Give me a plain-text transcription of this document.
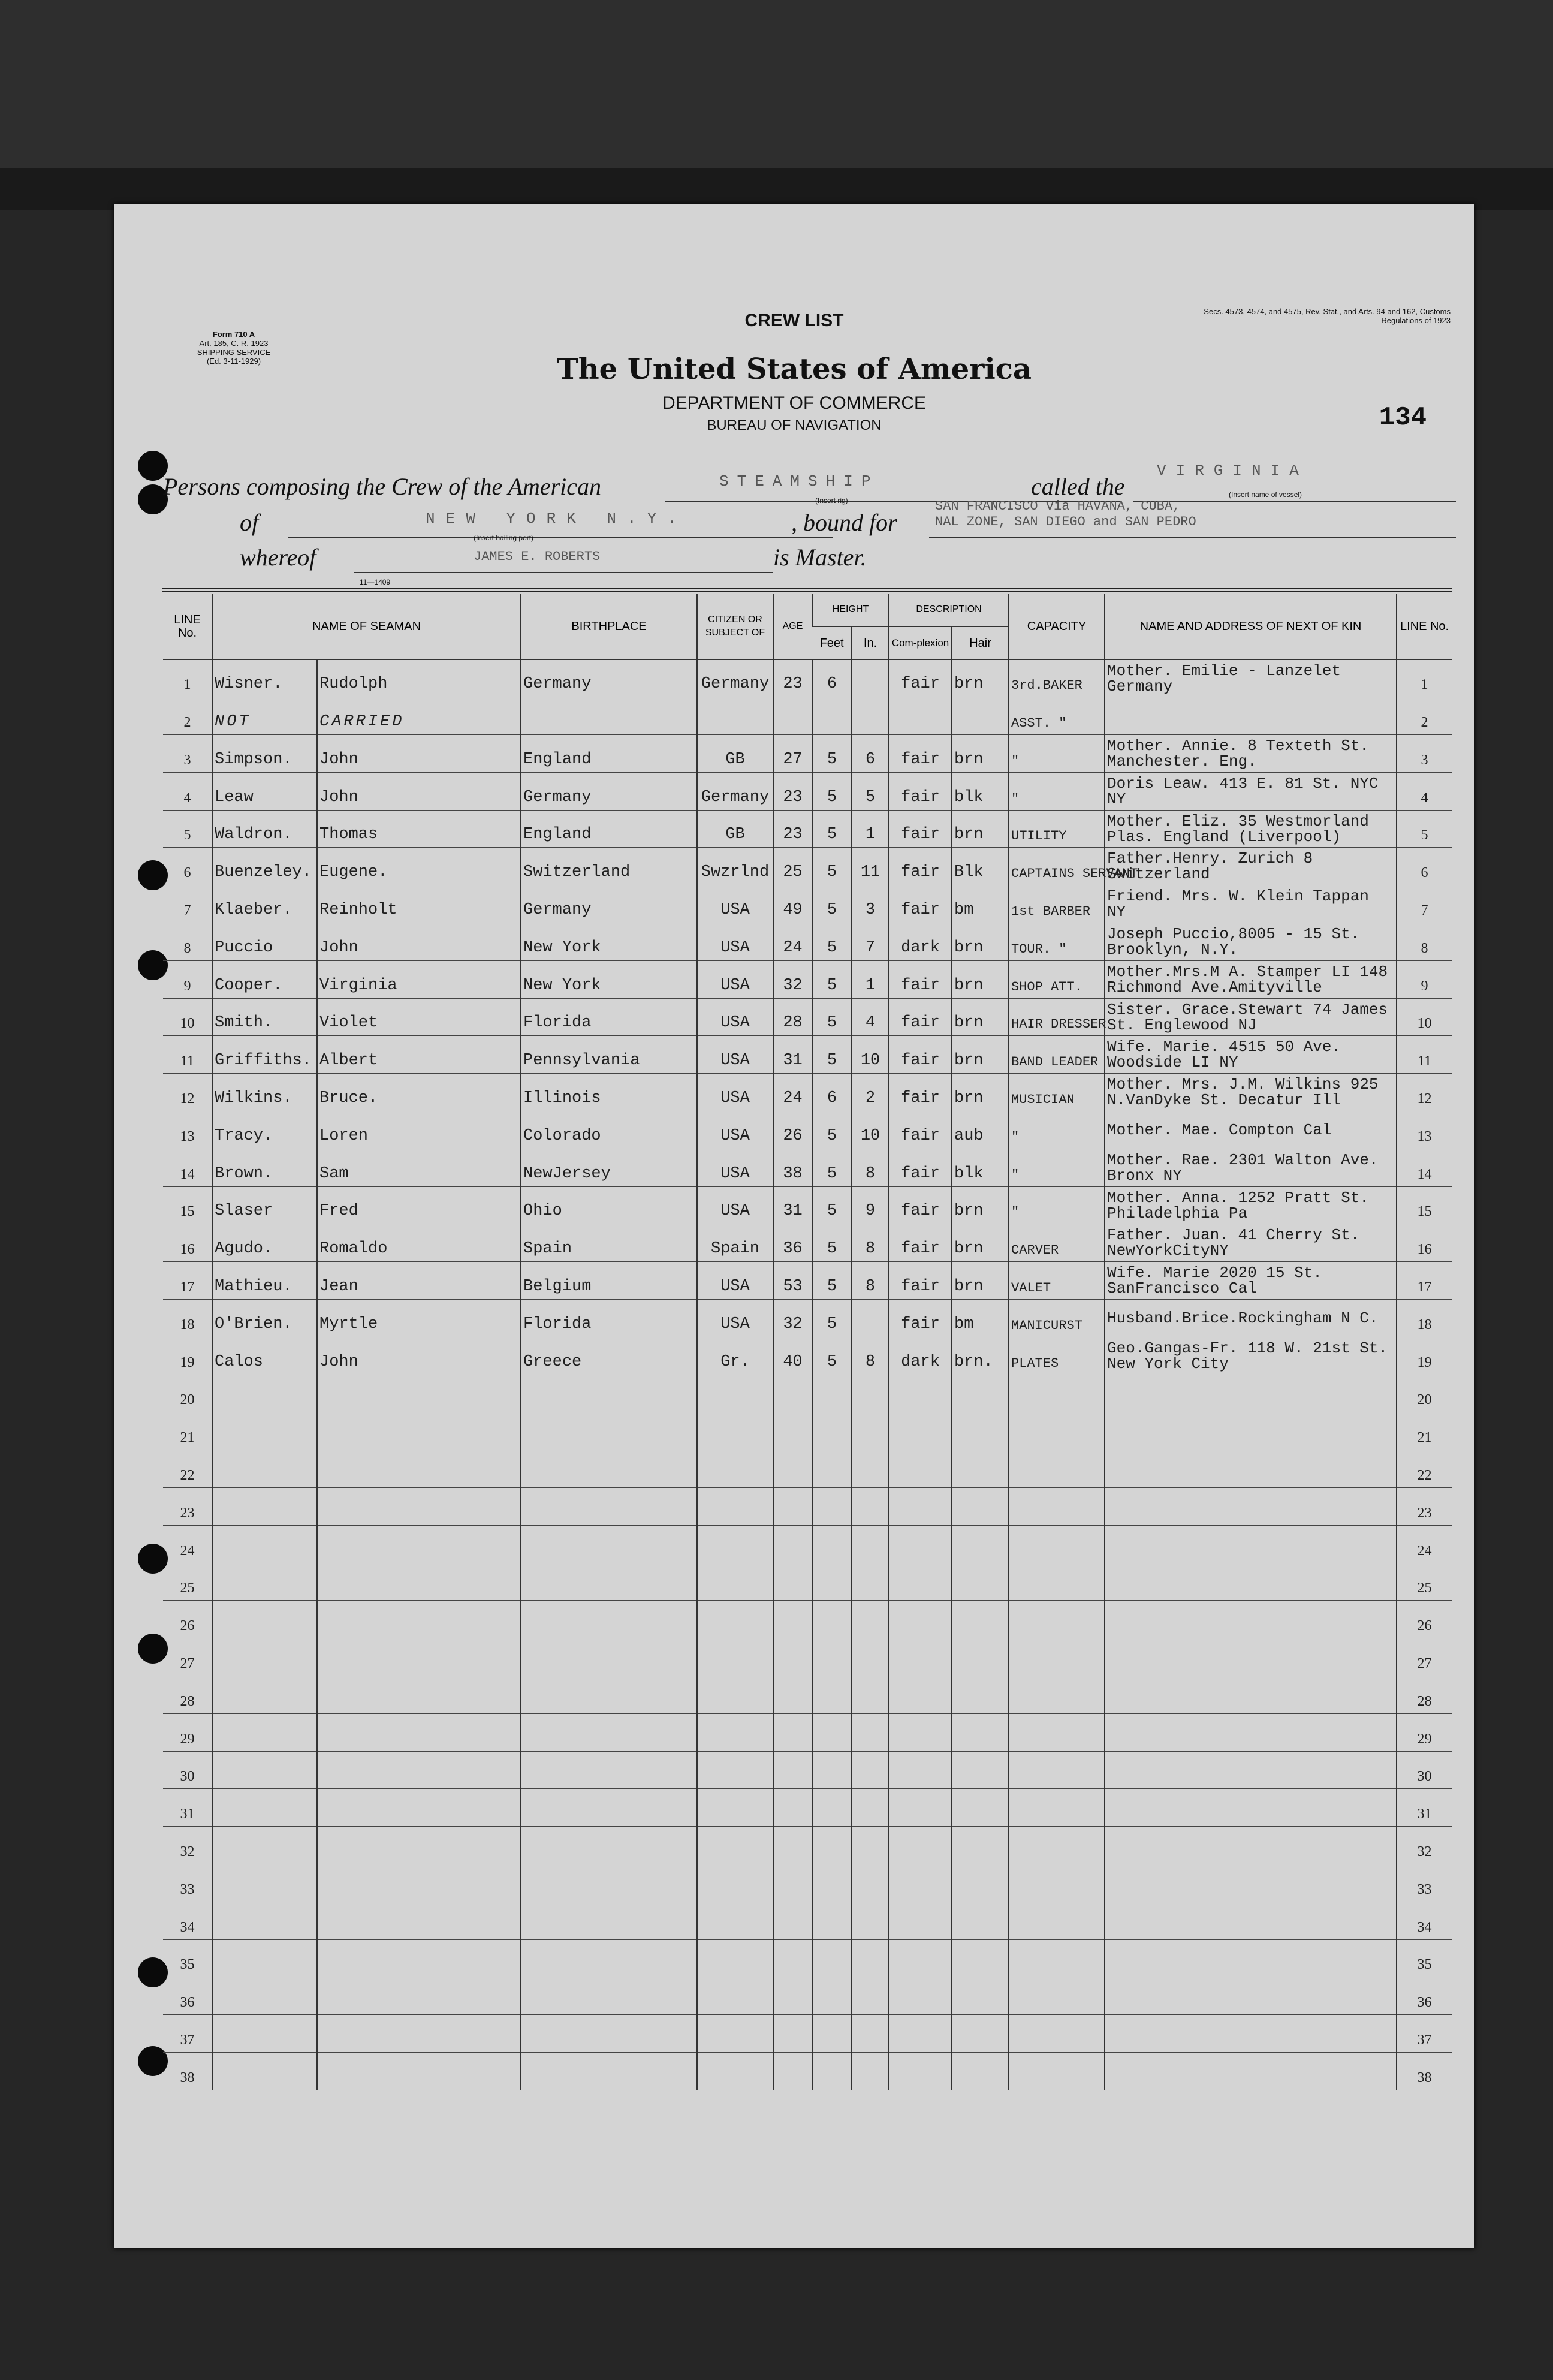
Form 710 A
Art. 185, C. R. 1923
SHIPPING SERVICE
(Ed. 3-11-1929)
Secs. 4573, 4574, and 4575, Rev. Stat., and Arts. 94 and 162, Customs Regulations of 1923
CREW LIST
The United States of America
DEPARTMENT OF COMMERCE
BUREAU OF NAVIGATION	134
Persons composing the Crew of the American	STEAMSHIP
(Insert rig)
called the
VIRGINIA
(Insert name of vessel)
of	NEW YORK N.Y.
(Insert hailing port)
, bound for
SAN FRANCISCO via HAVANA, CUBA,
NAL ZONE, SAN DIEGO and SAN PEDRO
whereof	JAMES E. ROBERTS	is Master.
11—1409
LINE No.	NAME OF SEAMAN		BIRTHPLACE	CITIZEN OR SUBJECT OF	AGE	HEIGHT		DESCRIPTION		CAPACITY	NAME AND ADDRESS OF NEXT OF KIN	LINE No.
						Feet	In.	Com-plexion	Hair			
1	Wisner.	Rudolph	Germany	Germany	23	6		fair	brn	3rd.BAKER	Mother. Emilie - Lanzelet Germany	1
2	NOT	CARRIED								ASST. "		2
3	Simpson.	John	England	GB	27	5	6	fair	brn	"	Mother. Annie. 8 Texteth St. Manchester. Eng.	3
4	Leaw	John	Germany	Germany	23	5	5	fair	blk	"	Doris Leaw. 413 E. 81 St. NYC NY	4
5	Waldron.	Thomas	England	GB	23	5	1	fair	brn	UTILITY	Mother. Eliz. 35 Westmorland Plas. England (Liverpool)	5
6	Buenzeley.	Eugene.	Switzerland	Swzrlnd	25	5	11	fair	Blk	CAPTAINS SERVANT	Father.Henry. Zurich 8 Switzerland	6
7	Klaeber.	Reinholt	Germany	USA	49	5	3	fair	bm	1st BARBER	Friend. Mrs. W. Klein Tappan NY	7
8	Puccio	John	New York	USA	24	5	7	dark	brn	TOUR. "	Joseph Puccio,8005 - 15 St. Brooklyn, N.Y.	8
9	Cooper.	Virginia	New York	USA	32	5	1	fair	brn	SHOP ATT.	Mother.Mrs.M A. Stamper LI 148 Richmond Ave.Amityville	9
10	Smith.	Violet	Florida	USA	28	5	4	fair	brn	HAIR DRESSER	Sister. Grace.Stewart 74 James St. Englewood NJ	10
11	Griffiths.	Albert	Pennsylvania	USA	31	5	10	fair	brn	BAND LEADER	Wife. Marie. 4515 50 Ave. Woodside LI NY	11
12	Wilkins.	Bruce.	Illinois	USA	24	6	2	fair	brn	MUSICIAN	Mother. Mrs. J.M. Wilkins 925 N.VanDyke St. Decatur Ill	12
13	Tracy.	Loren	Colorado	USA	26	5	10	fair	aub	"	Mother. Mae. Compton Cal	13
14	Brown.	Sam	NewJersey	USA	38	5	8	fair	blk	"	Mother. Rae. 2301 Walton Ave. Bronx NY	14
15	Slaser	Fred	Ohio	USA	31	5	9	fair	brn	"	Mother. Anna. 1252 Pratt St. Philadelphia Pa	15
16	Agudo.	Romaldo	Spain	Spain	36	5	8	fair	brn	CARVER	Father. Juan. 41 Cherry St. NewYorkCityNY	16
17	Mathieu.	Jean	Belgium	USA	53	5	8	fair	brn	VALET	Wife. Marie 2020 15 St. SanFrancisco Cal	17
18	O'Brien.	Myrtle	Florida	USA	32	5		fair	bm	MANICURST	Husband.Brice.Rockingham N C.	18
19	Calos	John	Greece	Gr.	40	5	8	dark	brn.	PLATES	Geo.Gangas-Fr. 118 W. 21st St. New York City	19
20												20
21												21
22												22
23												23
24												24
25												25
26												26
27												27
28												28
29												29
30												30
31												31
32												32
33												33
34												34
35												35
36												36
37												37
38												38
